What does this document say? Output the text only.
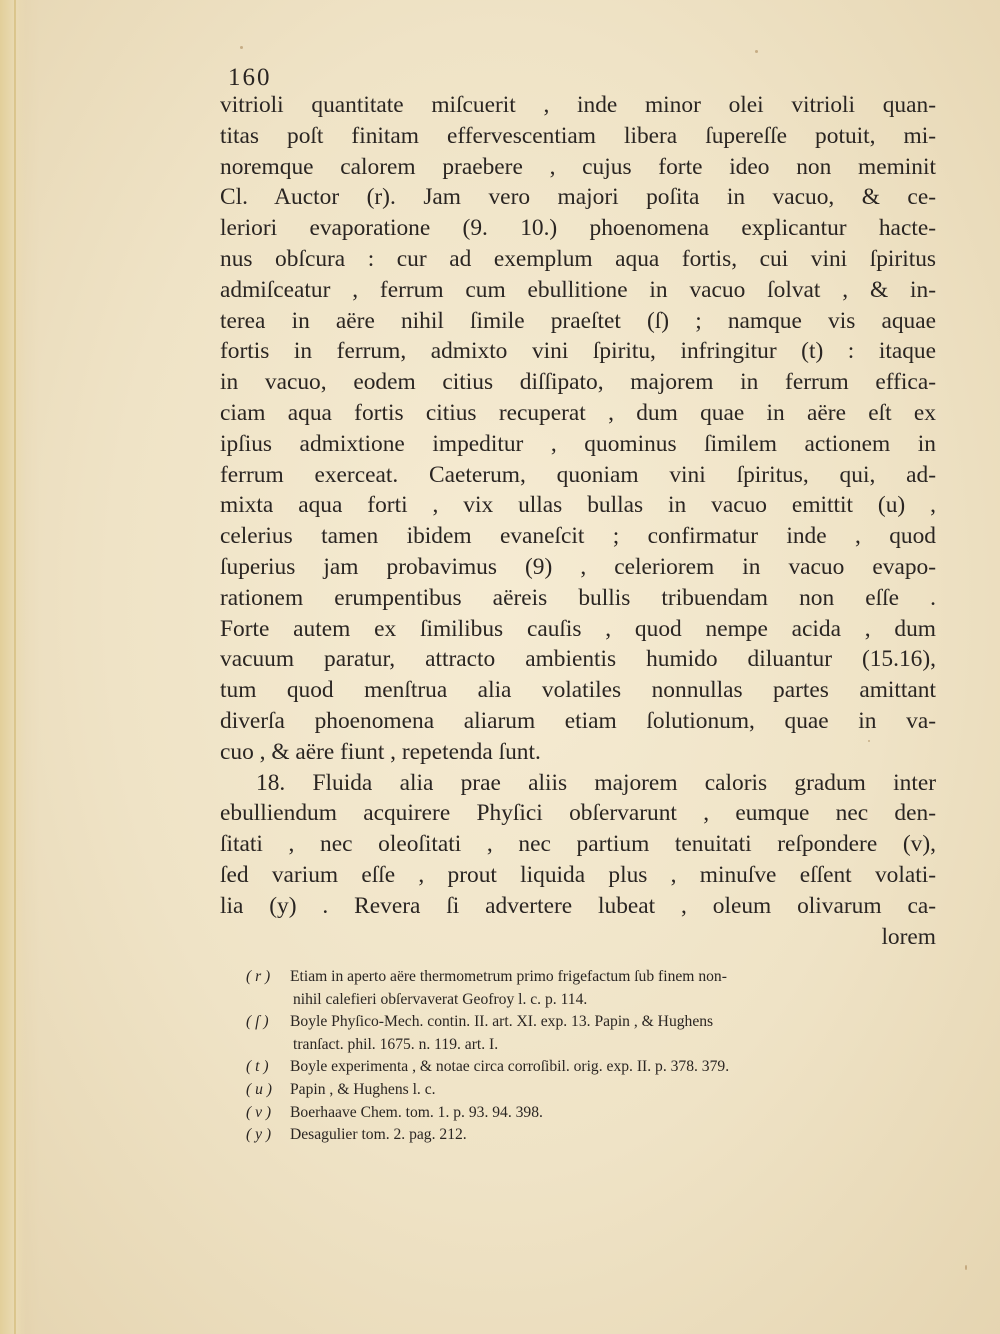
160
vitrioli quantitate miſcuerit , inde minor olei vitrioli quan-
titas poſt finitam effervescentiam libera ſupereſſe potuit, mi-
noremque calorem praebere , cujus forte ideo non meminit
Cl. Auctor (r). Jam vero majori poſita in vacuo, & ce-
leriori evaporatione (9. 10.) phoenomena explicantur hacte-
nus obſcura : cur ad exemplum aqua fortis, cui vini ſpiritus
admiſceatur , ferrum cum ebullitione in vacuo ſolvat , & in-
terea in aëre nihil ſimile praeſtet (ſ) ; namque vis aquae
fortis in ferrum, admixto vini ſpiritu, infringitur (t) : itaque
in vacuo, eodem citius diſſipato, majorem in ferrum effica-
ciam aqua fortis citius recuperat , dum quae in aëre eſt ex
ipſius admixtione impeditur , quominus ſimilem actionem in
ferrum exerceat. Caeterum, quoniam vini ſpiritus, qui, ad-
mixta aqua forti , vix ullas bullas in vacuo emittit (u) ,
celerius tamen ibidem evaneſcit ; confirmatur inde , quod
ſuperius jam probavimus (9) , celeriorem in vacuo evapo-
rationem erumpentibus aëreis bullis tribuendam non eſſe .
Forte autem ex ſimilibus cauſis , quod nempe acida , dum
vacuum paratur, attracto ambientis humido diluantur (15.16),
tum quod menſtrua alia volatiles nonnullas partes amittant
diverſa phoenomena aliarum etiam ſolutionum, quae in va-
cuo , & aëre fiunt , repetenda ſunt.
18. Fluida alia prae aliis majorem caloris gradum inter
ebulliendum acquirere Phyſici obſervarunt , eumque nec den-
ſitati , nec oleoſitati , nec partium tenuitati reſpondere (v),
ſed varium eſſe , prout liquida plus , minuſve eſſent volati-
lia (y) . Revera ſi advertere lubeat , oleum olivarum ca-
lorem
( r ) Etiam in aperto aëre thermometrum primo frigefactum ſub finem non-
nihil calefieri obſervaverat Geofroy l. c. p. 114.
( ſ ) Boyle Phyſico-Mech. contin. II. art. XI. exp. 13. Papin , & Hughens
tranſact. phil. 1675. n. 119. art. I.
( t ) Boyle experimenta , & notae circa corroſibil. orig. exp. II. p. 378. 379.
( u ) Papin , & Hughens l. c.
( v ) Boerhaave Chem. tom. 1. p. 93. 94. 398.
( y ) Desagulier tom. 2. pag. 212.
